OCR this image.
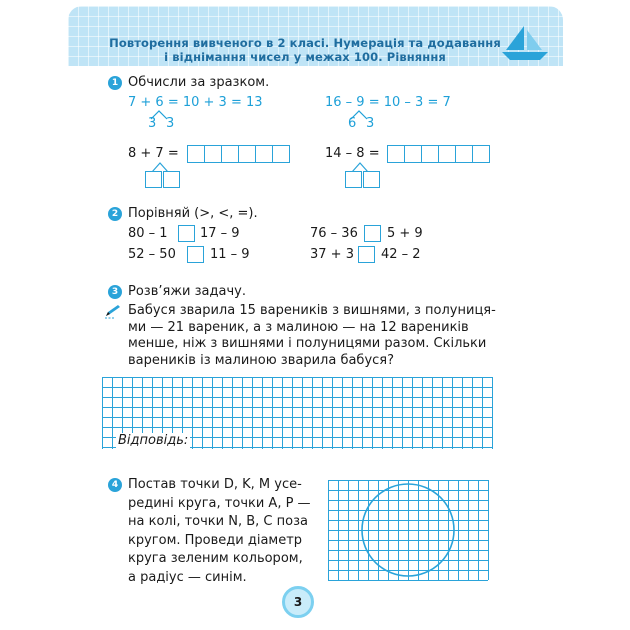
Повторення вивченого в 2 класі. Нумерація та додавання
і віднімання чисел у межах 100. Рівняння
1 Обчисли за зразком.
7 + 6 = 10 + 3 = 13
3 3
16 – 9 = 10 – 3 = 7
6 3
8 + 7 =	14 – 8 =
2 Порівняй (>, <, =).
80 – 1 17 – 9
52 – 50	11 – 9
76 – 36 5 + 9
37 + 3 42 – 2
3 Розв’яжи задачу.
Бабуся зварила 15 вареників з вишнями, з полуниця-
ми — 21 вареник, а з малиною — на 12 вареників
менше, ніж з вишнями і полуницями разом. Скільки
вареників із малиною зварила бабуся?
Відповідь:
4 Постав точки D, K, M усе-
редині круга, точки A, P —
на колі, точки N, B, C поза
кругом. Проведи діаметр
круга зеленим кольором,
а радіус — синім.
3
